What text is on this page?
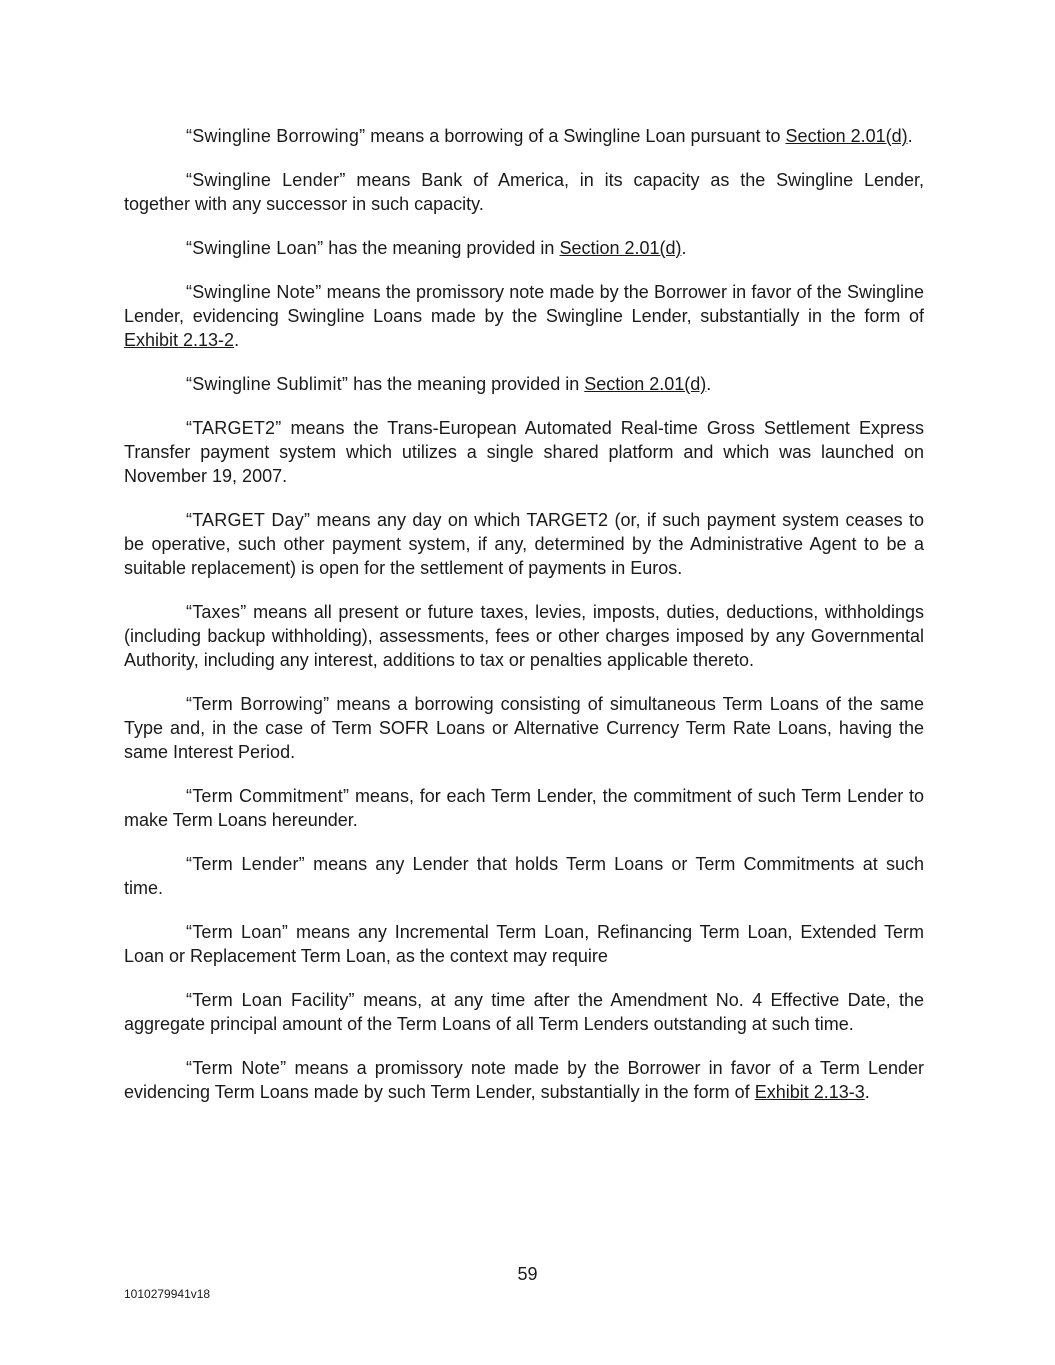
“Swingline Borrowing” means a borrowing of a Swingline Loan pursuant to Section 2.01(d).

“Swingline Lender” means Bank of America, in its capacity as the Swingline Lender, together with any successor in such capacity.

“Swingline Loan” has the meaning provided in Section 2.01(d).

“Swingline Note” means the promissory note made by the Borrower in favor of the Swingline Lender, evidencing Swingline Loans made by the Swingline Lender, substantially in the form of Exhibit 2.13-2.

“Swingline Sublimit” has the meaning provided in Section 2.01(d).

“TARGET2” means the Trans-European Automated Real-time Gross Settlement Express Transfer payment system which utilizes a single shared platform and which was launched on November 19, 2007.

“TARGET Day” means any day on which TARGET2 (or, if such payment system ceases to be operative, such other payment system, if any, determined by the Administrative Agent to be a suitable replacement) is open for the settlement of payments in Euros.

“Taxes” means all present or future taxes, levies, imposts, duties, deductions, withholdings (including backup withholding), assessments, fees or other charges imposed by any Governmental Authority, including any interest, additions to tax or penalties applicable thereto.

“Term Borrowing” means a borrowing consisting of simultaneous Term Loans of the same Type and, in the case of Term SOFR Loans or Alternative Currency Term Rate Loans, having the same Interest Period.

“Term Commitment” means, for each Term Lender, the commitment of such Term Lender to make Term Loans hereunder.

“Term Lender” means any Lender that holds Term Loans or Term Commitments at such time.

“Term Loan” means any Incremental Term Loan, Refinancing Term Loan, Extended Term Loan or Replacement Term Loan, as the context may require

“Term Loan Facility” means, at any time after the Amendment No. 4 Effective Date, the aggregate principal amount of the Term Loans of all Term Lenders outstanding at such time.

“Term Note” means a promissory note made by the Borrower in favor of a Term Lender evidencing Term Loans made by such Term Lender, substantially in the form of Exhibit 2.13-3.

59
1010279941v18
